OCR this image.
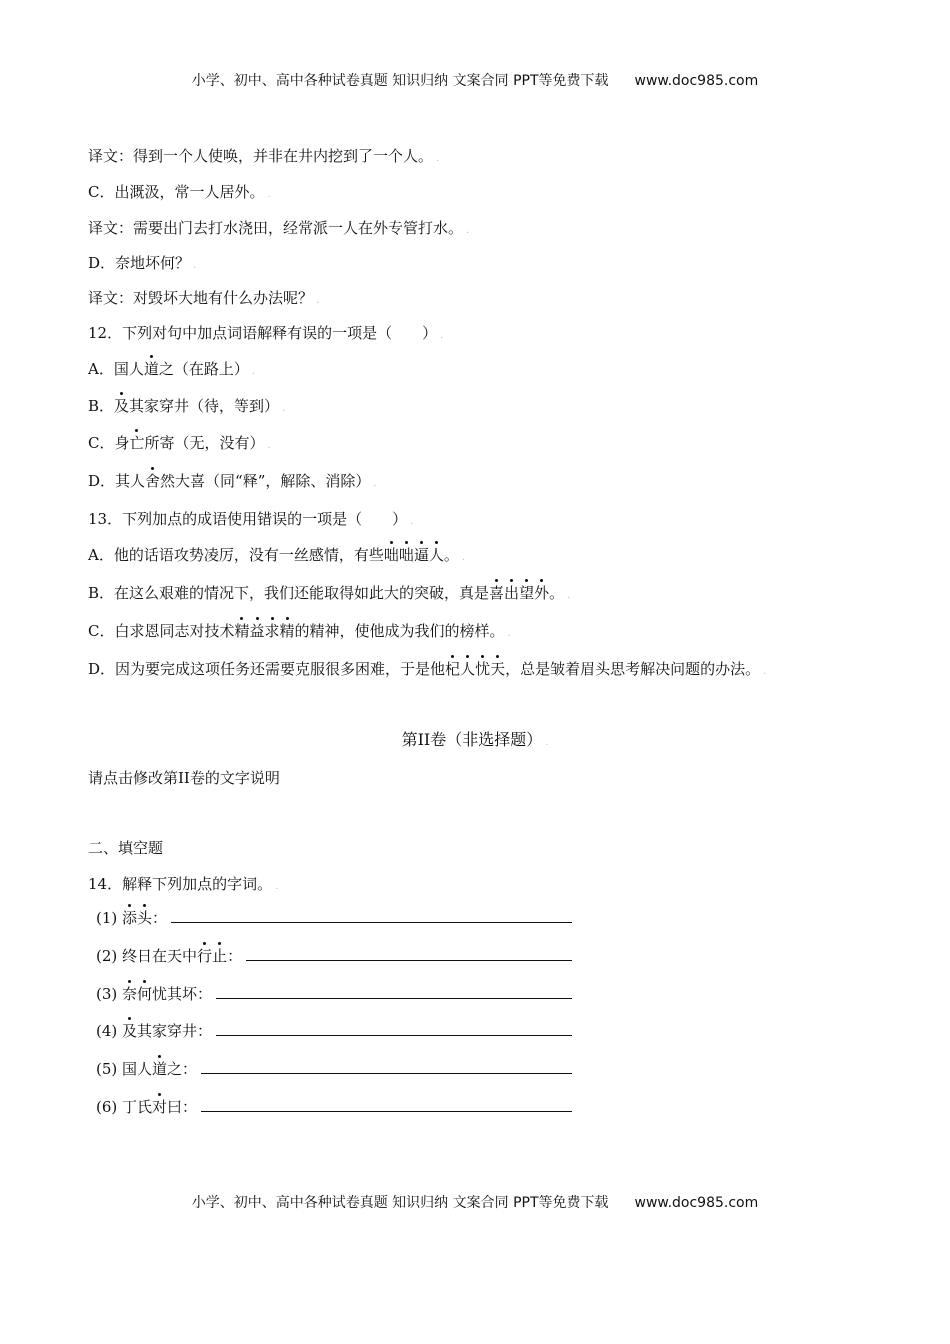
小学、初中、高中各种试卷真题 知识归纳 文案合同 PPT等免费下载 www.doc985.com
译文：得到一个人使唤，并非在井内挖到了一个人。 .
C．出溉汲，常一人居外。 .
译文：需要出门去打水浇田，经常派一人在外专管打水。 .
D．奈地坏何？ .
译文：对毁坏大地有什么办法呢？ .
12．下列对句中加点词语解释有误的一项是（　　） .
A．国人道之（在路上） .
B．及其家穿井（待，等到） .
C．身亡所寄（无，没有） .
D．其人舍然大喜（同“释”，解除、消除） .
13．下列加点的成语使用错误的一项是（　　） .
A．他的话语攻势凌厉，没有一丝感情，有些咄咄逼人。 .
B．在这么艰难的情况下，我们还能取得如此大的突破，真是喜出望外。 .
C．白求恩同志对技术精益求精的精神，使他成为我们的榜样。 .
D．因为要完成这项任务还需要克服很多困难，于是他杞人忧天，总是皱着眉头思考解决问题的办法。 .
第II卷（非选择题） .
请点击修改第II卷的文字说明
二、填空题
14．解释下列加点的字词。 .
(1) 添头：
(2) 终日在天中行止：
(3) 奈何忧其坏：
(4) 及其家穿井：
(5) 国人道之：
(6) 丁氏对曰：
小学、初中、高中各种试卷真题 知识归纳 文案合同 PPT等免费下载 www.doc985.com
